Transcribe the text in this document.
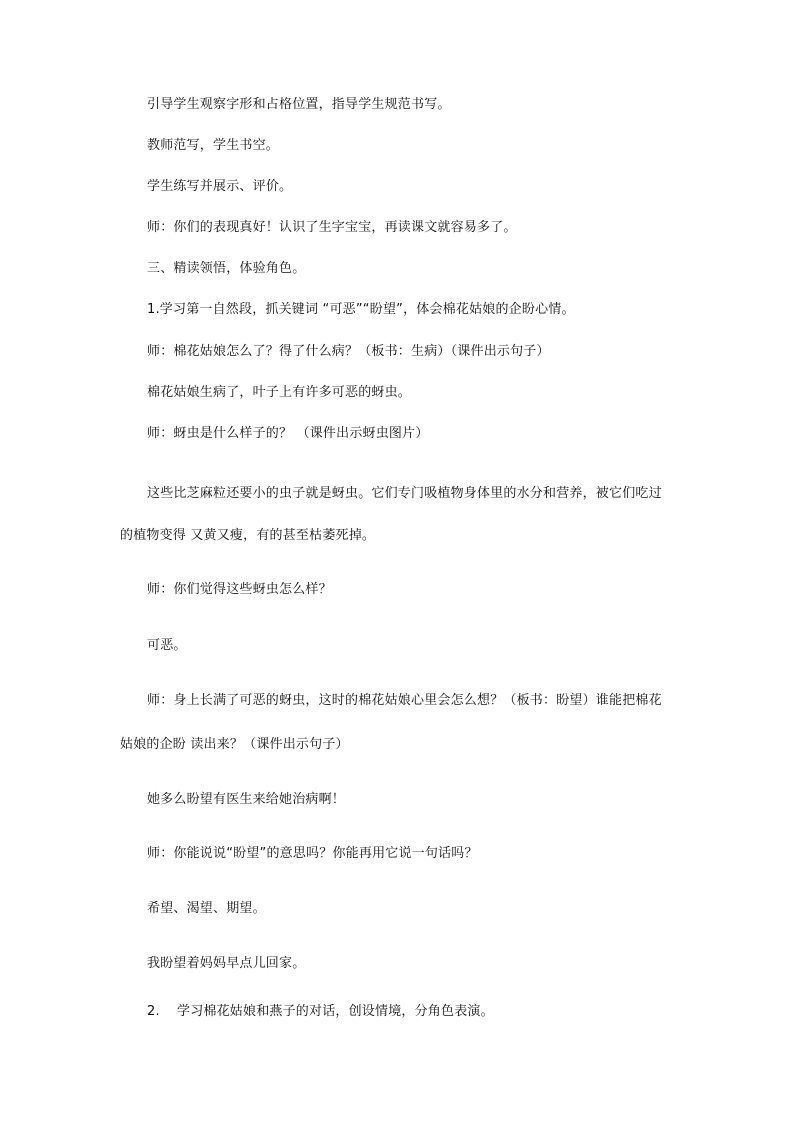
引导学生观察字形和占格位置，指导学生规范书写。
教师范写，学生书空。
学生练写并展示、评价。
师：你们的表现真好！认识了生字宝宝，再读课文就容易多了。
三、精读领悟，体验角色。
1.学习第一自然段，抓关键词 “可恶”“盼望”，体会棉花姑娘的企盼心情。
师：棉花姑娘怎么了？得了什么病？（板书：生病）（课件出示句子）
棉花姑娘生病了，叶子上有许多可恶的蚜虫。
师：蚜虫是什么样子的？ （课件出示蚜虫图片）
这些比芝麻粒还要小的虫子就是蚜虫。它们专门吸植物身体里的水分和营养，被它们吃过
的植物变得 又黄又瘦，有的甚至枯萎死掉。
师：你们觉得这些蚜虫怎么样？
可恶。
师：身上长满了可恶的蚜虫，这时的棉花姑娘心里会怎么想？（板书：盼望）谁能把棉花
姑娘的企盼 读出来？（课件出示句子）
她多么盼望有医生来给她治病啊！
师：你能说说“盼望”的意思吗？你能再用它说一句话吗？
希望、渴望、期望。
我盼望着妈妈早点儿回家。
2. 学习棉花姑娘和燕子的对话，创设情境，分角色表演。
